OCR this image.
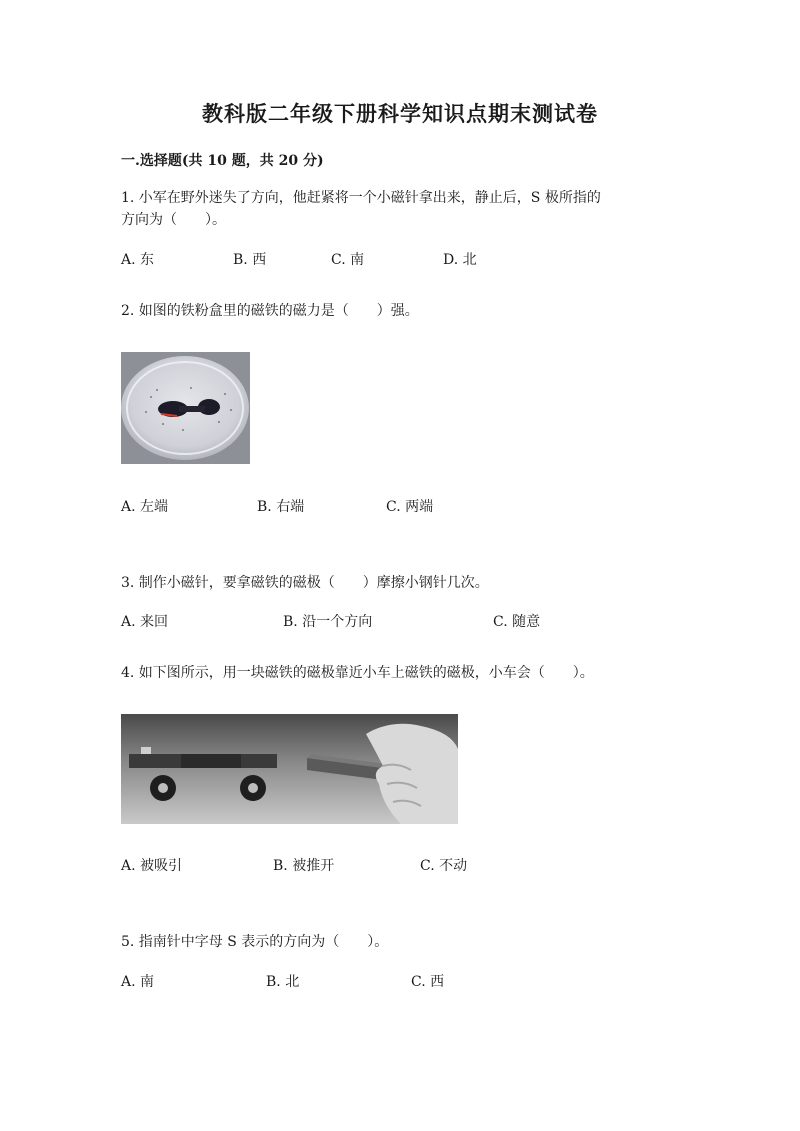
教科版二年级下册科学知识点期末测试卷
一.选择题(共 10 题，共 20 分)
1. 小军在野外迷失了方向，他赶紧将一个小磁针拿出来，静止后，S 极所指的
方向为（　　）。
A. 东	B. 西	C. 南	D. 北
2. 如图的铁粉盒里的磁铁的磁力是（　　）强。
A. 左端	B. 右端	C. 两端
3. 制作小磁针，要拿磁铁的磁极（　　）摩擦小钢针几次。
A. 来回	B. 沿一个方向	C. 随意
4. 如下图所示，用一块磁铁的磁极靠近小车上磁铁的磁极，小车会（　　）。
A. 被吸引	B. 被推开	C. 不动
5. 指南针中字母 S 表示的方向为（　　）。
A. 南	B. 北	C. 西
